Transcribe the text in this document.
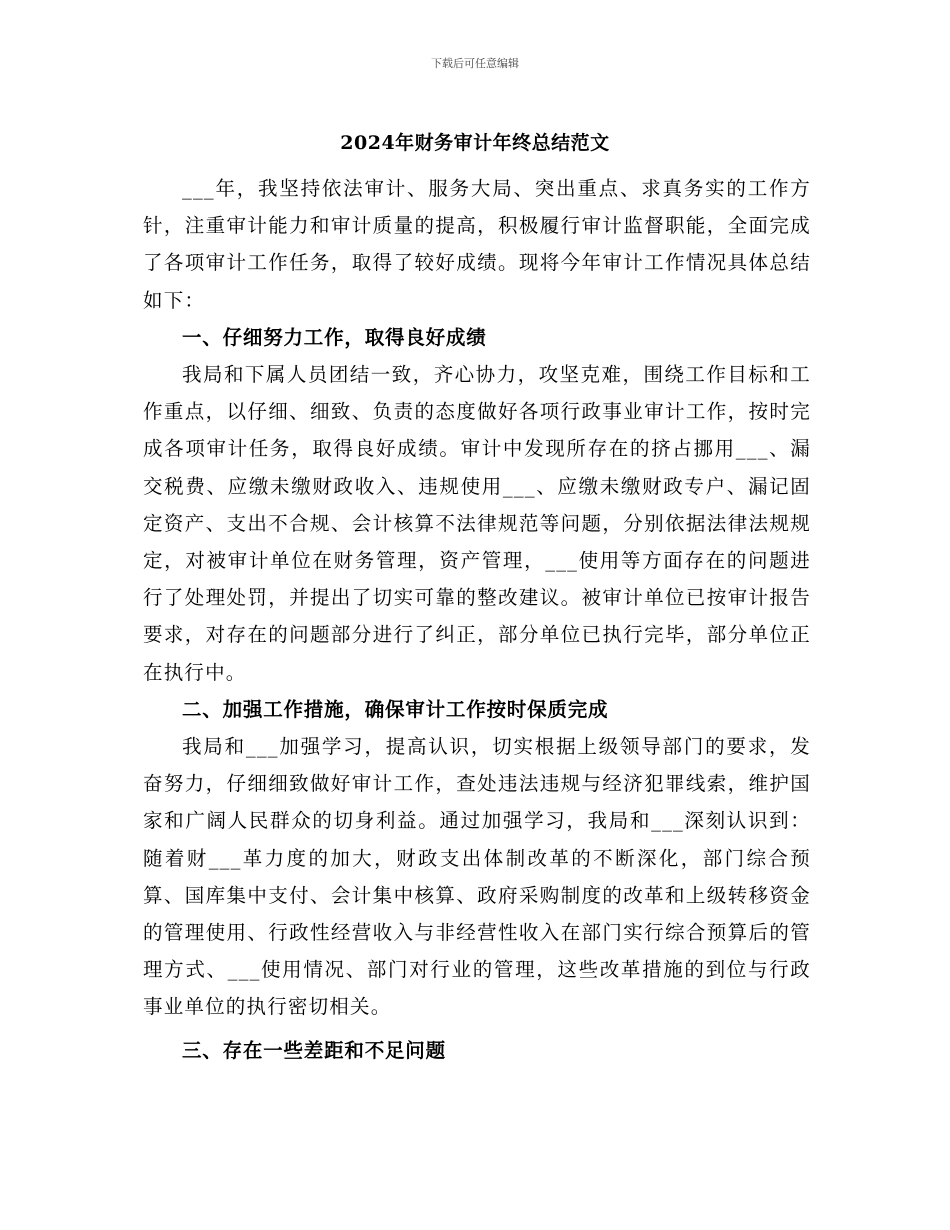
下载后可任意编辑
2024年财务审计年终总结范文

___年，我坚持依法审计、服务大局、突出重点、求真务实的工作方针，注重审计能力和审计质量的提高，积极履行审计监督职能，全面完成了各项审计工作任务，取得了较好成绩。现将今年审计工作情况具体总结如下：

一、仔细努力工作，取得良好成绩

我局和下属人员团结一致，齐心协力，攻坚克难，围绕工作目标和工作重点，以仔细、细致、负责的态度做好各项行政事业审计工作，按时完成各项审计任务，取得良好成绩。审计中发现所存在的挤占挪用___、漏交税费、应缴未缴财政收入、违规使用___、应缴未缴财政专户、漏记固定资产、支出不合规、会计核算不法律规范等问题，分别依据法律法规规定，对被审计单位在财务管理，资产管理，___使用等方面存在的问题进行了处理处罚，并提出了切实可靠的整改建议。被审计单位已按审计报告要求，对存在的问题部分进行了纠正，部分单位已执行完毕，部分单位正在执行中。

二、加强工作措施，确保审计工作按时保质完成

我局和___加强学习，提高认识，切实根据上级领导部门的要求，发奋努力，仔细细致做好审计工作，查处违法违规与经济犯罪线索，维护国家和广阔人民群众的切身利益。通过加强学习，我局和___深刻认识到：随着财___革力度的加大，财政支出体制改革的不断深化，部门综合预算、国库集中支付、会计集中核算、政府采购制度的改革和上级转移资金的管理使用、行政性经营收入与非经营性收入在部门实行综合预算后的管理方式、___使用情况、部门对行业的管理，这些改革措施的到位与行政事业单位的执行密切相关。

三、存在一些差距和不足问题
